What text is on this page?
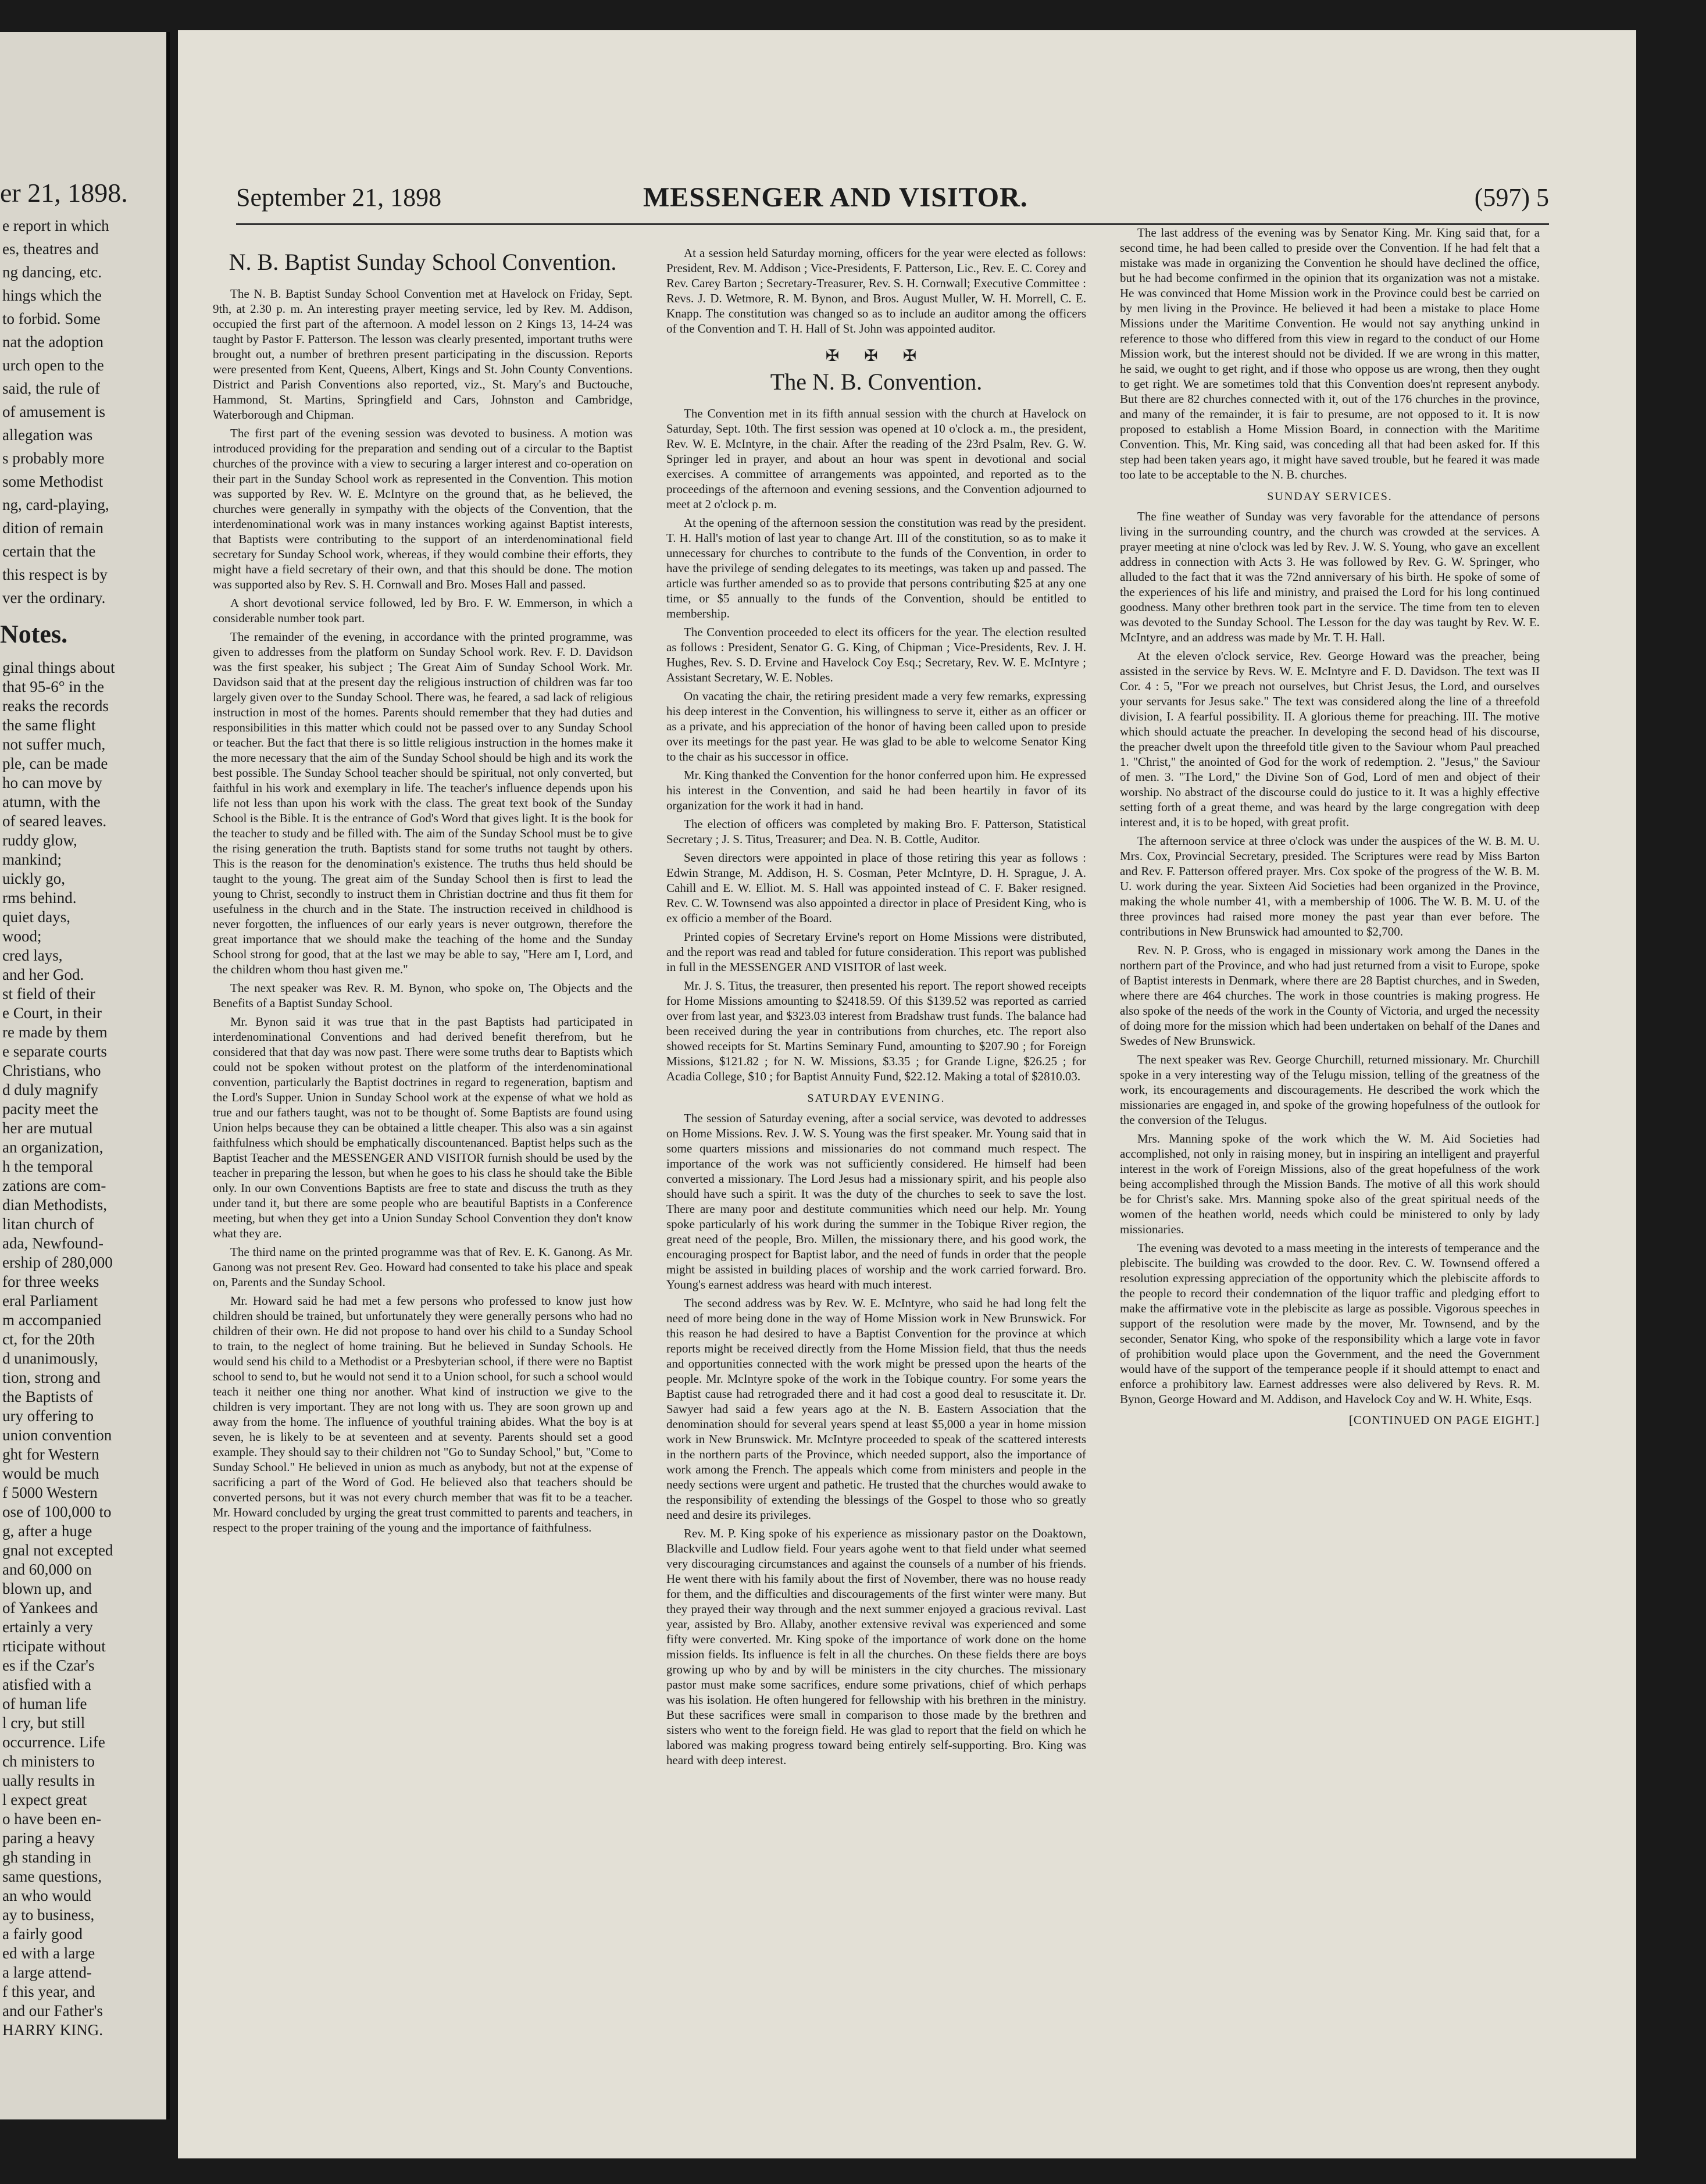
er 21, 1898.
e report in which
es, theatres and
ng dancing, etc.
hings which the
to forbid. Some
nat the adoption
urch open to the
said, the rule of
of amusement is
allegation was
s probably more
some Methodist
ng, card-playing,
dition of remain
certain that the
this respect is by
ver the ordinary.
Notes.
ginal things about
that 95-6° in the
reaks the records
the same flight
not suffer much,
ple, can be made
ho can move by
atumn, with the
of seared leaves.
ruddy glow,
mankind;
uickly go,
rms behind.
quiet days,
wood;
cred lays,
and her God.
st field of their
e Court, in their
re made by them
e separate courts
Christians, who
d duly magnify
pacity meet the
her are mutual
an organization,
h the temporal
zations are com-
dian Methodists,
litan church of
ada, Newfound-
ership of 280,000
for three weeks
eral Parliament
m accompanied
ct, for the 20th
d unanimously,
tion, strong and
the Baptists of
ury offering to
union convention
ght for Western
would be much
f 5000 Western
ose of 100,000 to
g, after a huge
gnal not excepted
and 60,000 on
blown up, and
of Yankees and
ertainly a very
rticipate without
es if the Czar's
atisfied with a
of human life
l cry, but still
occurrence. Life
ch ministers to
ually results in
l expect great
o have been en-
paring a heavy
gh standing in
same questions,
an who would
ay to business,
a fairly good
ed with a large
a large attend-
f this year, and
and our Father's
HARRY KING.
September 21, 1898	MESSENGER AND VISITOR.	(597) 5
N. B. Baptist Sunday School Convention.

The N. B. Baptist Sunday School Convention met at Havelock on Friday, Sept. 9th, at 2.30 p. m. An interesting prayer meeting service, led by Rev. M. Addison, occupied the first part of the afternoon. A model lesson on 2 Kings 13, 14-24 was taught by Pastor F. Patterson. The lesson was clearly presented, important truths were brought out, a number of brethren present participating in the discussion. Reports were presented from Kent, Queens, Albert, Kings and St. John County Conventions. District and Parish Conventions also reported, viz., St. Mary's and Buctouche, Hammond, St. Martins, Springfield and Cars, Johnston and Cambridge, Waterborough and Chipman.

The first part of the evening session was devoted to business. A motion was introduced providing for the preparation and sending out of a circular to the Baptist churches of the province with a view to securing a larger interest and co-operation on their part in the Sunday School work as represented in the Convention. This motion was supported by Rev. W. E. McIntyre on the ground that, as he believed, the churches were generally in sympathy with the objects of the Convention, that the interdenominational work was in many instances working against Baptist interests, that Baptists were contributing to the support of an interdenominational field secretary for Sunday School work, whereas, if they would combine their efforts, they might have a field secretary of their own, and that this should be done. The motion was supported also by Rev. S. H. Cornwall and Bro. Moses Hall and passed.

A short devotional service followed, led by Bro. F. W. Emmerson, in which a considerable number took part.

The remainder of the evening, in accordance with the printed programme, was given to addresses from the platform on Sunday School work. Rev. F. D. Davidson was the first speaker, his subject ; The Great Aim of Sunday School Work. Mr. Davidson said that at the present day the religious instruction of children was far too largely given over to the Sunday School. There was, he feared, a sad lack of religious instruction in most of the homes. Parents should remember that they had duties and responsibilities in this matter which could not be passed over to any Sunday School or teacher. But the fact that there is so little religious instruction in the homes make it the more necessary that the aim of the Sunday School should be high and its work the best possible. The Sunday School teacher should be spiritual, not only converted, but faithful in his work and exemplary in life. The teacher's influence depends upon his life not less than upon his work with the class. The great text book of the Sunday School is the Bible. It is the entrance of God's Word that gives light. It is the book for the teacher to study and be filled with. The aim of the Sunday School must be to give the rising generation the truth. Baptists stand for some truths not taught by others. This is the reason for the denomination's existence. The truths thus held should be taught to the young. The great aim of the Sunday School then is first to lead the young to Christ, secondly to instruct them in Christian doctrine and thus fit them for usefulness in the church and in the State. The instruction received in childhood is never forgotten, the influences of our early years is never outgrown, therefore the great importance that we should make the teaching of the home and the Sunday School strong for good, that at the last we may be able to say, "Here am I, Lord, and the children whom thou hast given me."

The next speaker was Rev. R. M. Bynon, who spoke on, The Objects and the Benefits of a Baptist Sunday School.

Mr. Bynon said it was true that in the past Baptists had participated in interdenominational Conventions and had derived benefit therefrom, but he considered that that day was now past. There were some truths dear to Baptists which could not be spoken without protest on the platform of the interdenominational convention, particularly the Baptist doctrines in regard to regeneration, baptism and the Lord's Supper. Union in Sunday School work at the expense of what we hold as true and our fathers taught, was not to be thought of. Some Baptists are found using Union helps because they can be obtained a little cheaper. This also was a sin against faithfulness which should be emphatically discountenanced. Baptist helps such as the Baptist Teacher and the MESSENGER AND VISITOR furnish should be used by the teacher in preparing the lesson, but when he goes to his class he should take the Bible only. In our own Conventions Baptists are free to state and discuss the truth as they under tand it, but there are some people who are beautiful Baptists in a Conference meeting, but when they get into a Union Sunday School Convention they don't know what they are.

The third name on the printed programme was that of Rev. E. K. Ganong. As Mr. Ganong was not present Rev. Geo. Howard had consented to take his place and speak on, Parents and the Sunday School.

Mr. Howard said he had met a few persons who professed to know just how children should be trained, but unfortunately they were generally persons who had no children of their own. He did not propose to hand over his child to a Sunday School to train, to the neglect of home training. But he believed in Sunday Schools. He would send his child to a Methodist or a Presbyterian school, if there were no Baptist school to send to, but he would not send it to a Union school, for such a school would teach it neither one thing nor another. What kind of instruction we give to the children is very important. They are not long with us. They are soon grown up and away from the home. The influence of youthful training abides. What the boy is at seven, he is likely to be at seventeen and at seventy. Parents should set a good example. They should say to their children not "Go to Sunday School," but, "Come to Sunday School." He believed in union as much as anybody, but not at the expense of sacrificing a part of the Word of God. He believed also that teachers should be converted persons, but it was not every church member that was fit to be a teacher. Mr. Howard concluded by urging the great trust committed to parents and teachers, in respect to the proper training of the young and the importance of faithfulness.

At a session held Saturday morning, officers for the year were elected as follows: President, Rev. M. Addison ; Vice-Presidents, F. Patterson, Lic., Rev. E. C. Corey and Rev. Carey Barton ; Secretary-Treasurer, Rev. S. H. Cornwall; Executive Committee : Revs. J. D. Wetmore, R. M. Bynon, and Bros. August Muller, W. H. Morrell, C. E. Knapp. The constitution was changed so as to include an auditor among the officers of the Convention and T. H. Hall of St. John was appointed auditor.

✠ ✠ ✠
The N. B. Convention.

The Convention met in its fifth annual session with the church at Havelock on Saturday, Sept. 10th. The first session was opened at 10 o'clock a. m., the president, Rev. W. E. McIntyre, in the chair. After the reading of the 23rd Psalm, Rev. G. W. Springer led in prayer, and about an hour was spent in devotional and social exercises. A committee of arrangements was appointed, and reported as to the proceedings of the afternoon and evening sessions, and the Convention adjourned to meet at 2 o'clock p. m.

At the opening of the afternoon session the constitution was read by the president. T. H. Hall's motion of last year to change Art. III of the constitution, so as to make it unnecessary for churches to contribute to the funds of the Convention, in order to have the privilege of sending delegates to its meetings, was taken up and passed. The article was further amended so as to provide that persons contributing $25 at any one time, or $5 annually to the funds of the Convention, should be entitled to membership.

The Convention proceeded to elect its officers for the year. The election resulted as follows : President, Senator G. G. King, of Chipman ; Vice-Presidents, Rev. J. H. Hughes, Rev. S. D. Ervine and Havelock Coy Esq.; Secretary, Rev. W. E. McIntyre ; Assistant Secretary, W. E. Nobles.

On vacating the chair, the retiring president made a very few remarks, expressing his deep interest in the Convention, his willingness to serve it, either as an officer or as a private, and his appreciation of the honor of having been called upon to preside over its meetings for the past year. He was glad to be able to welcome Senator King to the chair as his successor in office.

Mr. King thanked the Convention for the honor conferred upon him. He expressed his interest in the Convention, and said he had been heartily in favor of its organization for the work it had in hand.

The election of officers was completed by making Bro. F. Patterson, Statistical Secretary ; J. S. Titus, Treasurer; and Dea. N. B. Cottle, Auditor.

Seven directors were appointed in place of those retiring this year as follows : Edwin Strange, M. Addison, H. S. Cosman, Peter McIntyre, D. H. Sprague, J. A. Cahill and E. W. Elliot. M. S. Hall was appointed instead of C. F. Baker resigned. Rev. C. W. Townsend was also appointed a director in place of President King, who is ex officio a member of the Board.

Printed copies of Secretary Ervine's report on Home Missions were distributed, and the report was read and tabled for future consideration. This report was published in full in the MESSENGER AND VISITOR of last week.

Mr. J. S. Titus, the treasurer, then presented his report. The report showed receipts for Home Missions amounting to $2418.59. Of this $139.52 was reported as carried over from last year, and $323.03 interest from Bradshaw trust funds. The balance had been received during the year in contributions from churches, etc. The report also showed receipts for St. Martins Seminary Fund, amounting to $207.90 ; for Foreign Missions, $121.82 ; for N. W. Missions, $3.35 ; for Grande Ligne, $26.25 ; for Acadia College, $10 ; for Baptist Annuity Fund, $22.12. Making a total of $2810.03.

SATURDAY EVENING.

The session of Saturday evening, after a social service, was devoted to addresses on Home Missions. Rev. J. W. S. Young was the first speaker. Mr. Young said that in some quarters missions and missionaries do not command much respect. The importance of the work was not sufficiently considered. He himself had been converted a missionary. The Lord Jesus had a missionary spirit, and his people also should have such a spirit. It was the duty of the churches to seek to save the lost. There are many poor and destitute communities which need our help. Mr. Young spoke particularly of his work during the summer in the Tobique River region, the great need of the people, Bro. Millen, the missionary there, and his good work, the encouraging prospect for Baptist labor, and the need of funds in order that the people might be assisted in building places of worship and the work carried forward. Bro. Young's earnest address was heard with much interest.

The second address was by Rev. W. E. McIntyre, who said he had long felt the need of more being done in the way of Home Mission work in New Brunswick. For this reason he had desired to have a Baptist Convention for the province at which reports might be received directly from the Home Mission field, that thus the needs and opportunities connected with the work might be pressed upon the hearts of the people. Mr. McIntyre spoke of the work in the Tobique country. For some years the Baptist cause had retrograded there and it had cost a good deal to resuscitate it. Dr. Sawyer had said a few years ago at the N. B. Eastern Association that the denomination should for several years spend at least $5,000 a year in home mission work in New Brunswick. Mr. McIntyre proceeded to speak of the scattered interests in the northern parts of the Province, which needed support, also the importance of work among the French. The appeals which come from ministers and people in the needy sections were urgent and pathetic. He trusted that the churches would awake to the responsibility of extending the blessings of the Gospel to those who so greatly need and desire its privileges.

Rev. M. P. King spoke of his experience as missionary pastor on the Doaktown, Blackville and Ludlow field. Four years agohe went to that field under what seemed very discouraging circumstances and against the counsels of a number of his friends. He went there with his family about the first of November, there was no house ready for them, and the difficulties and discouragements of the first winter were many. But they prayed their way through and the next summer enjoyed a gracious revival. Last year, assisted by Bro. Allaby, another extensive revival was experienced and some fifty were converted. Mr. King spoke of the importance of work done on the home mission fields. Its influence is felt in all the churches. On these fields there are boys growing up who by and by will be ministers in the city churches. The missionary pastor must make some sacrifices, endure some privations, chief of which perhaps was his isolation. He often hungered for fellowship with his brethren in the ministry. But these sacrifices were small in comparison to those made by the brethren and sisters who went to the foreign field. He was glad to report that the field on which he labored was making progress toward being entirely self-supporting. Bro. King was heard with deep interest.

The last address of the evening was by Senator King. Mr. King said that, for a second time, he had been called to preside over the Convention. If he had felt that a mistake was made in organizing the Convention he should have declined the office, but he had become confirmed in the opinion that its organization was not a mistake. He was convinced that Home Mission work in the Province could best be carried on by men living in the Province. He believed it had been a mistake to place Home Missions under the Maritime Convention. He would not say anything unkind in reference to those who differed from this view in regard to the conduct of our Home Mission work, but the interest should not be divided. If we are wrong in this matter, he said, we ought to get right, and if those who oppose us are wrong, then they ought to get right. We are sometimes told that this Convention does'nt represent anybody. But there are 82 churches connected with it, out of the 176 churches in the province, and many of the remainder, it is fair to presume, are not opposed to it. It is now proposed to establish a Home Mission Board, in connection with the Maritime Convention. This, Mr. King said, was conceding all that had been asked for. If this step had been taken years ago, it might have saved trouble, but he feared it was made too late to be acceptable to the N. B. churches.

SUNDAY SERVICES.

The fine weather of Sunday was very favorable for the attendance of persons living in the surrounding country, and the church was crowded at the services. A prayer meeting at nine o'clock was led by Rev. J. W. S. Young, who gave an excellent address in connection with Acts 3. He was followed by Rev. G. W. Springer, who alluded to the fact that it was the 72nd anniversary of his birth. He spoke of some of the experiences of his life and ministry, and praised the Lord for his long continued goodness. Many other brethren took part in the service. The time from ten to eleven was devoted to the Sunday School. The Lesson for the day was taught by Rev. W. E. McIntyre, and an address was made by Mr. T. H. Hall.

At the eleven o'clock service, Rev. George Howard was the preacher, being assisted in the service by Revs. W. E. McIntyre and F. D. Davidson. The text was II Cor. 4 : 5, "For we preach not ourselves, but Christ Jesus, the Lord, and ourselves your servants for Jesus sake." The text was considered along the line of a threefold division, I. A fearful possibility. II. A glorious theme for preaching. III. The motive which should actuate the preacher. In developing the second head of his discourse, the preacher dwelt upon the threefold title given to the Saviour whom Paul preached 1. "Christ," the anointed of God for the work of redemption. 2. "Jesus," the Saviour of men. 3. "The Lord," the Divine Son of God, Lord of men and object of their worship. No abstract of the discourse could do justice to it. It was a highly effective setting forth of a great theme, and was heard by the large congregation with deep interest and, it is to be hoped, with great profit.

The afternoon service at three o'clock was under the auspices of the W. B. M. U. Mrs. Cox, Provincial Secretary, presided. The Scriptures were read by Miss Barton and Rev. F. Patterson offered prayer. Mrs. Cox spoke of the progress of the W. B. M. U. work during the year. Sixteen Aid Societies had been organized in the Province, making the whole number 41, with a membership of 1006. The W. B. M. U. of the three provinces had raised more money the past year than ever before. The contributions in New Brunswick had amounted to $2,700.

Rev. N. P. Gross, who is engaged in missionary work among the Danes in the northern part of the Province, and who had just returned from a visit to Europe, spoke of Baptist interests in Denmark, where there are 28 Baptist churches, and in Sweden, where there are 464 churches. The work in those countries is making progress. He also spoke of the needs of the work in the County of Victoria, and urged the necessity of doing more for the mission which had been undertaken on behalf of the Danes and Swedes of New Brunswick.

The next speaker was Rev. George Churchill, returned missionary. Mr. Churchill spoke in a very interesting way of the Telugu mission, telling of the greatness of the work, its encouragements and discouragements. He described the work which the missionaries are engaged in, and spoke of the growing hopefulness of the outlook for the conversion of the Telugus.

Mrs. Manning spoke of the work which the W. M. Aid Societies had accomplished, not only in raising money, but in inspiring an intelligent and prayerful interest in the work of Foreign Missions, also of the great hopefulness of the work being accomplished through the Mission Bands. The motive of all this work should be for Christ's sake. Mrs. Manning spoke also of the great spiritual needs of the women of the heathen world, needs which could be ministered to only by lady missionaries.

The evening was devoted to a mass meeting in the interests of temperance and the plebiscite. The building was crowded to the door. Rev. C. W. Townsend offered a resolution expressing appreciation of the opportunity which the plebiscite affords to the people to record their condemnation of the liquor traffic and pledging effort to make the affirmative vote in the plebiscite as large as possible. Vigorous speeches in support of the resolution were made by the mover, Mr. Townsend, and by the seconder, Senator King, who spoke of the responsibility which a large vote in favor of prohibition would place upon the Government, and the need the Government would have of the support of the temperance people if it should attempt to enact and enforce a prohibitory law. Earnest addresses were also delivered by Revs. R. M. Bynon, George Howard and M. Addison, and Havelock Coy and W. H. White, Esqs.

[CONTINUED ON PAGE EIGHT.]
